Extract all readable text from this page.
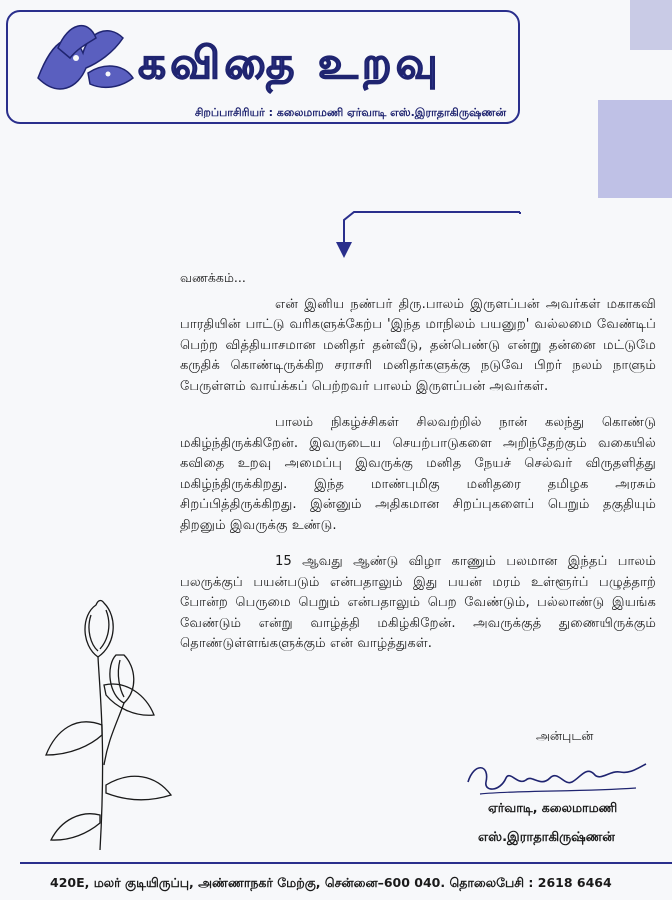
கவிதை உறவு
சிறப்பாசிரியர் : கலைமாமணி ஏர்வாடி எஸ்.இராதாகிருஷ்ணன்

வணக்கம்...

என் இனிய நண்பர் திரு.பாலம் இருளப்பன் அவர்கள் மகாகவி பாரதியின் பாட்டு வரிகளுக்கேற்ப 'இந்த மாநிலம் பயனுற' வல்லமை வேண்டிப் பெற்ற வித்தியாசமான மனிதர் தன்வீடு, தன்பெண்டு என்று தன்னை மட்டுமே கருதிக் கொண்டிருக்கிற சராசரி மனிதர்களுக்கு நடுவே பிறர் நலம் நாளும் பேருள்ளம் வாய்க்கப் பெற்றவர் பாலம் இருளப்பன் அவர்கள்.

பாலம் நிகழ்ச்சிகள் சிலவற்றில் நான் கலந்து கொண்டு மகிழ்ந்திருக்கிறேன். இவருடைய செயற்பாடுகளை அறிந்தேற்கும் வகையில் கவிதை உறவு அமைப்பு இவருக்கு மனித நேயச் செல்வர் விருதளித்து மகிழ்ந்திருக்கிறது. இந்த மாண்புமிகு மனிதரை தமிழக அரசும் சிறப்பித்திருக்கிறது. இன்னும் அதிகமான சிறப்புகளைப் பெறும் தகுதியும் திறனும் இவருக்கு உண்டு.

15 ஆவது ஆண்டு விழா காணும் பலமான இந்தப் பாலம் பலருக்குப் பயன்படும் என்பதாலும் இது பயன் மரம் உள்ளூர்ப் பழுத்தாற் போன்ற பெருமை பெறும் என்பதாலும் பெற வேண்டும், பல்லாண்டு இயங்க வேண்டும் என்று வாழ்த்தி மகிழ்கிறேன். அவருக்குத் துணையிருக்கும் தொண்டுள்ளங்களுக்கும் என் வாழ்த்துகள்.

அன்புடன்
ஏர்வாடி, கலைமாமணி
எஸ்.இராதாகிருஷ்ணன்
420E, மலர் குடியிருப்பு, அண்ணாநகர் மேற்கு, சென்னை–600 040. தொலைபேசி : 2618 6464
